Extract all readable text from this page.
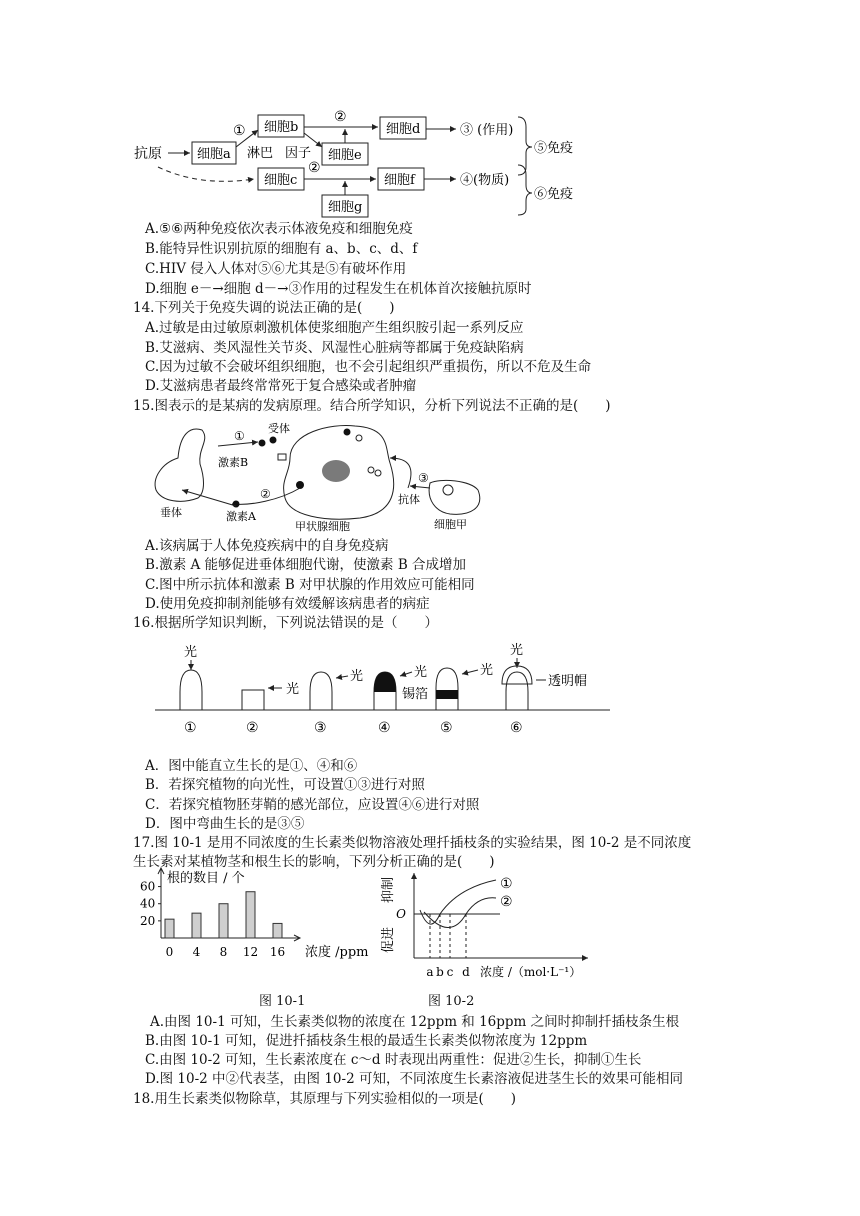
抗原	细胞a
①
淋巴
细胞b
因子
②
细胞e
细胞d	③ (作用)
细胞c
②
细胞f
细胞g
④(物质)
⑤免疫
⑥免疫
A.⑤⑥两种免疫依次表示体液免疫和细胞免疫
B.能特异性识别抗原的细胞有 a、b、c、d、f
C.HIV 侵入人体对⑤⑥尤其是⑤有破坏作用
D.细胞 e－→细胞 d－→③作用的过程发生在机体首次接触抗原时
14.下列关于免疫失调的说法正确的是(　　)
A.过敏是由过敏原刺激机体使浆细胞产生组织胺引起一系列反应
B.艾滋病、类风湿性关节炎、风湿性心脏病等都属于免疫缺陷病
C.因为过敏不会破坏组织细胞，也不会引起组织严重损伤，所以不危及生命
D.艾滋病患者最终常常死于复合感染或者肿瘤
15.图表示的是某病的发病原理。结合所学知识，分析下列说法不正确的是(　　)
垂体
激素B
①
受体
甲状腺细胞
②
激素A
③
抗体
细胞甲
A.该病属于人体免疫疾病中的自身免疫病
B.激素 A 能够促进垂体细胞代谢，使激素 B 合成增加
C.图中所示抗体和激素 B 对甲状腺的作用效应可能相同
D.使用免疫抑制剂能够有效缓解该病患者的病症
16.根据所学知识判断，下列说法错误的是（　　）
光
①
光
②
光
③
光
锡箔
④
光
⑤
光
透明帽
⑥
A．图中能直立生长的是①、④和⑥
B．若探究植物的向光性，可设置①③进行对照
C．若探究植物胚芽鞘的感光部位，应设置④⑥进行对照
D．图中弯曲生长的是③⑤
17.图 10-1 是用不同浓度的生长素类似物溶液处理扦插枝条的实验结果，图 10-2 是不同浓度
生长素对某植物茎和根生长的影响，下列分析正确的是(　　)
根的数目 / 个
20
40
60
0 4 8 12 16 浓度 /ppm
O
抑制
促进
a b c d 浓度 /（mol·L⁻¹）
①
②
图 10-1	图 10-2
A.由图 10-1 可知，生长素类似物的浓度在 12ppm 和 16ppm 之间时抑制扦插枝条生根
B.由图 10-1 可知，促进扦插枝条生根的最适生长素类似物浓度为 12ppm
C.由图 10-2 可知，生长素浓度在 c～d 时表现出两重性：促进②生长，抑制①生长
D.图 10-2 中②代表茎，由图 10-2 可知，不同浓度生长素溶液促进茎生长的效果可能相同
18.用生长素类似物除草，其原理与下列实验相似的一项是(　　)
